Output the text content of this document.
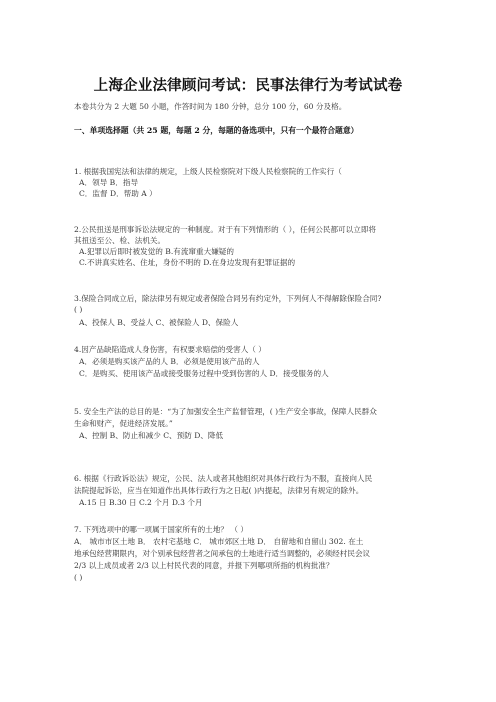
上海企业法律顾问考试：民事法律行为考试试卷
本卷共分为 2 大题 50 小题，作答时间为 180 分钟，总分 100 分，60 分及格。
一、单项选择题（共 25 题，每题 2 分，每题的备选项中，只有一个最符合题意）
1. 根据我国宪法和法律的规定，上级人民检察院对下级人民检察院的工作实行（
A．领导 B．指导
C．监督 D．帮助 A ）
2.公民扭送是刑事诉讼法规定的一种制度。对于有下列情形的（ ），任何公民都可以立即将
其扭送至公、检、法机关。
A.犯罪以后即时被发觉的 B.有流窜重大嫌疑的
C.不讲真实姓名、住址，身份不明的 D.在身边发现有犯罪证据的
3.保险合同成立后，除法律另有规定或者保险合同另有约定外，下列何人不得解除保险合同?
( )
A、投保人 B、受益人 C、被保险人 D、保险人
4.因产品缺陷造成人身伤害，有权要求赔偿的受害人（ ）
A．必须是购买该产品的人 B．必须是使用该产品的人
C．是购买、使用该产品或接受服务过程中受到伤害的人 D．接受服务的人
5. 安全生产法的总目的是：“为了加强安全生产监督管理，( )生产安全事故，保障人民群众
生命和财产，促进经济发展。”
A、控制 B、防止和减少 C、预防 D、降低
6. 根据《行政诉讼法》规定，公民、法人或者其他组织对具体行政行为不服，直接向人民
法院提起诉讼，应当在知道作出具体行政行为之日起( )内提起，法律另有规定的除外。
A.15 日 B.30 日 C.2 个月 D.3 个月
7. 下列选项中的哪一项属于国家所有的土地？ （ ）
A． 城市市区土地 B． 农村宅基地 C． 城市郊区土地 D． 自留地和自留山 302. 在土
地承包经营期限内，对个别承包经营者之间承包的土地进行适当调整的，必须经村民会议
2/3 以上成员或者 2/3 以上村民代表的同意，并报下列哪项所指的机构批准？
( )
